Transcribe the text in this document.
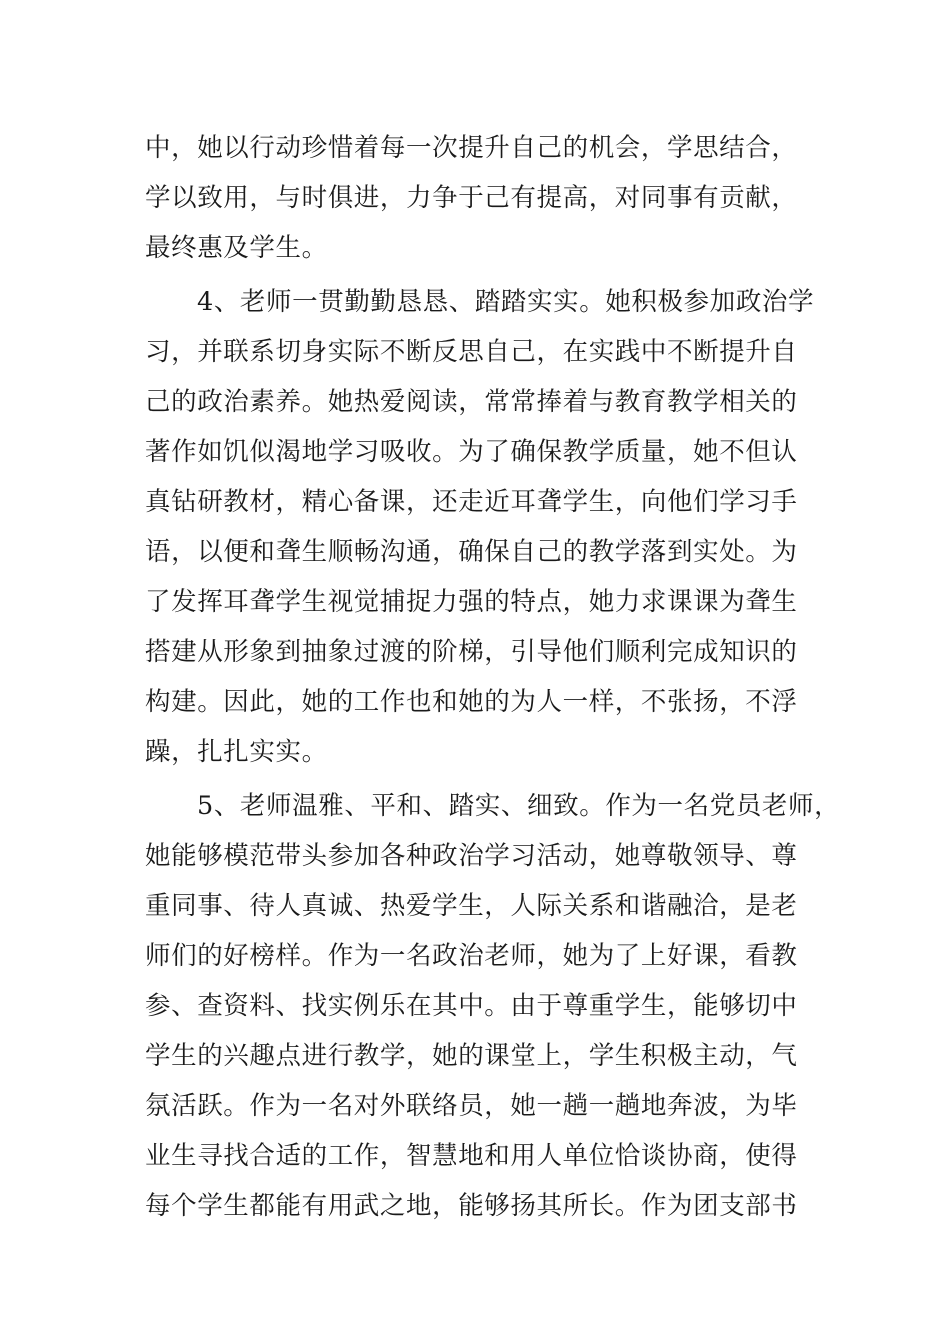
中，她以行动珍惜着每一次提升自己的机会，学思结合，
学以致用，与时俱进，力争于己有提高，对同事有贡献，
最终惠及学生。
4、老师一贯勤勤恳恳、踏踏实实。她积极参加政治学
习，并联系切身实际不断反思自己，在实践中不断提升自
己的政治素养。她热爱阅读，常常捧着与教育教学相关的
著作如饥似渴地学习吸收。为了确保教学质量，她不但认
真钻研教材，精心备课，还走近耳聋学生，向他们学习手
语，以便和聋生顺畅沟通，确保自己的教学落到实处。为
了发挥耳聋学生视觉捕捉力强的特点，她力求课课为聋生
搭建从形象到抽象过渡的阶梯，引导他们顺利完成知识的
构建。因此，她的工作也和她的为人一样，不张扬，不浮
躁，扎扎实实。
5、老师温雅、平和、踏实、细致。作为一名党员老师，
她能够模范带头参加各种政治学习活动，她尊敬领导、尊
重同事、待人真诚、热爱学生，人际关系和谐融洽，是老
师们的好榜样。作为一名政治老师，她为了上好课，看教
参、查资料、找实例乐在其中。由于尊重学生，能够切中
学生的兴趣点进行教学，她的课堂上，学生积极主动，气
氛活跃。作为一名对外联络员，她一趟一趟地奔波，为毕
业生寻找合适的工作，智慧地和用人单位恰谈协商，使得
每个学生都能有用武之地，能够扬其所长。作为团支部书
